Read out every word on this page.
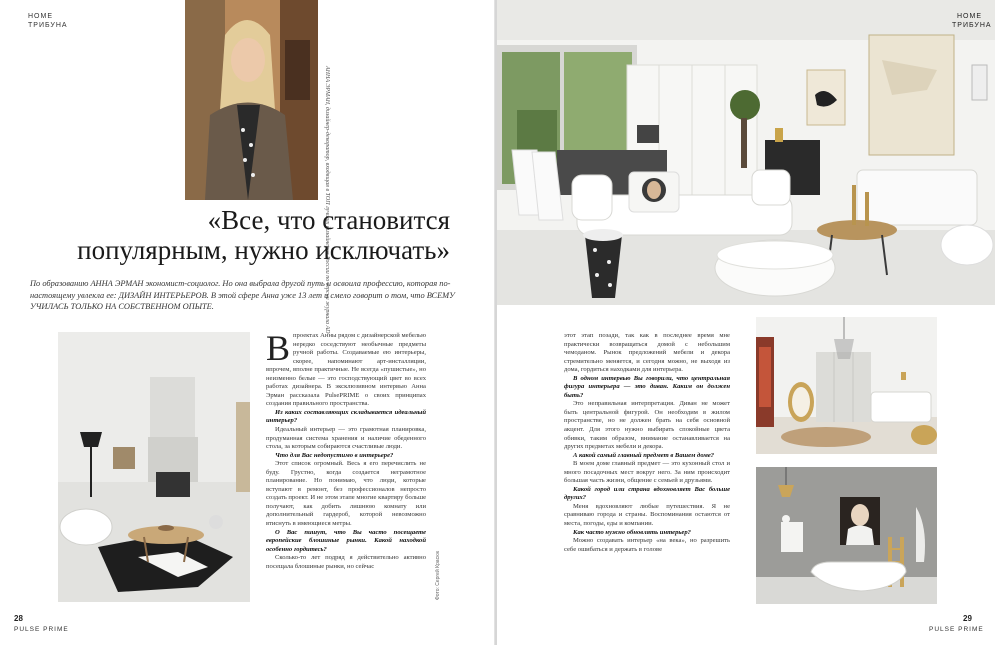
HOME
ТРИБУНА
АННА ЭРМАН, дизайнер-декоратор, входящая в ТОП лучших дизайнеров России по версии журнала AD
«Все, что становится
популярным, нужно исключать»
По образованию АННА ЭРМАН экономист-социолог. Но она выбрала другой путь и освоила профессию, которая по-настоящему увлекла ее: ДИЗАЙН ИНТЕРЬЕРОВ. В этой сфере Анна уже 13 лет и смело говорит о том, что ВСЕМУ УЧИЛАСЬ ТОЛЬКО НА СОБСТВЕННОМ ОПЫТЕ.
В проектах Анны рядом с дизайнерской мебелью нередко соседствуют необычные предметы ручной работы. Создаваемые ею интерьеры, скорее, напоминают арт-инсталляции, впрочем, вполне практичные. Не всегда «пушистые», но неизменно белые — это господствующий цвет во всех работах дизайнера. В эксклюзивном интервью Анна Эрман рассказала PulsePRIME о своих принципах создания правильного пространства.

Из каких составляющих складывается идеальный интерьер?

Идеальный интерьер — это грамотная планировка, продуманная система хранения и наличие обеденного стола, за которым собираются счастливые люди.

Что для Вас недопустимо в интерьере?

Этот список огромный. Весь я его перечислить не буду. Грустно, когда создается неграмотное планирование. Но понимаю, что люди, которые вступают в ремонт, без профессионалов непросто создать проект. И не этом этапе многие квартиру больше получают, как добить лишнюю комнату или дополнительный гардероб, которой невозможно втиснуть в имеющиеся метры.

О Вас пишут, что Вы часто посещаете европейские блошиные рынки. Какой находкой особенно гордитесь?

Сколько-то лет подряд я действительно активно посещала блошиные рынки, но сейчас	Фото: Сергей Красюк
28
PULSE PRIME
HOME
ТРИБУНА

этот этап позади, так как в последнее время мне практически возвращаться домой с небольшим чемоданом. Рынок предложений мебели и декора стремительно меняется, и сегодня можно, не выходя из дома, гордиться находками для интерьера.

В одном интервью Вы говорили, что центральная фигура интерьера — это диван. Каким он должен быть?

Это неправильная интерпретация. Диван не может быть центральной фигурой. Он необходим в жилом пространстве, но не должен брать на себя основной акцент. Для этого нужно выбирать спокойные цвета обивки, таким образом, внимание останавливается на других предметах мебели и декора.

А какой самый главный предмет в Вашем доме?

В моем доме главный предмет — это кухонный стол и много посадочных мест вокруг него. За ним происходит большая часть жизни, общение с семьей и друзьями.

Какой город или страна вдохновляет Вас больше других?

Меня вдохновляют любые путешествия. Я не сравниваю города и страны. Воспоминания остаются от места, погоды, еды и компании.

Как часто нужно обновлять интерьер?

Можно создавать интерьер «на века», но разрешить себе ошибаться и держать в голове

29
PULSE PRIME
